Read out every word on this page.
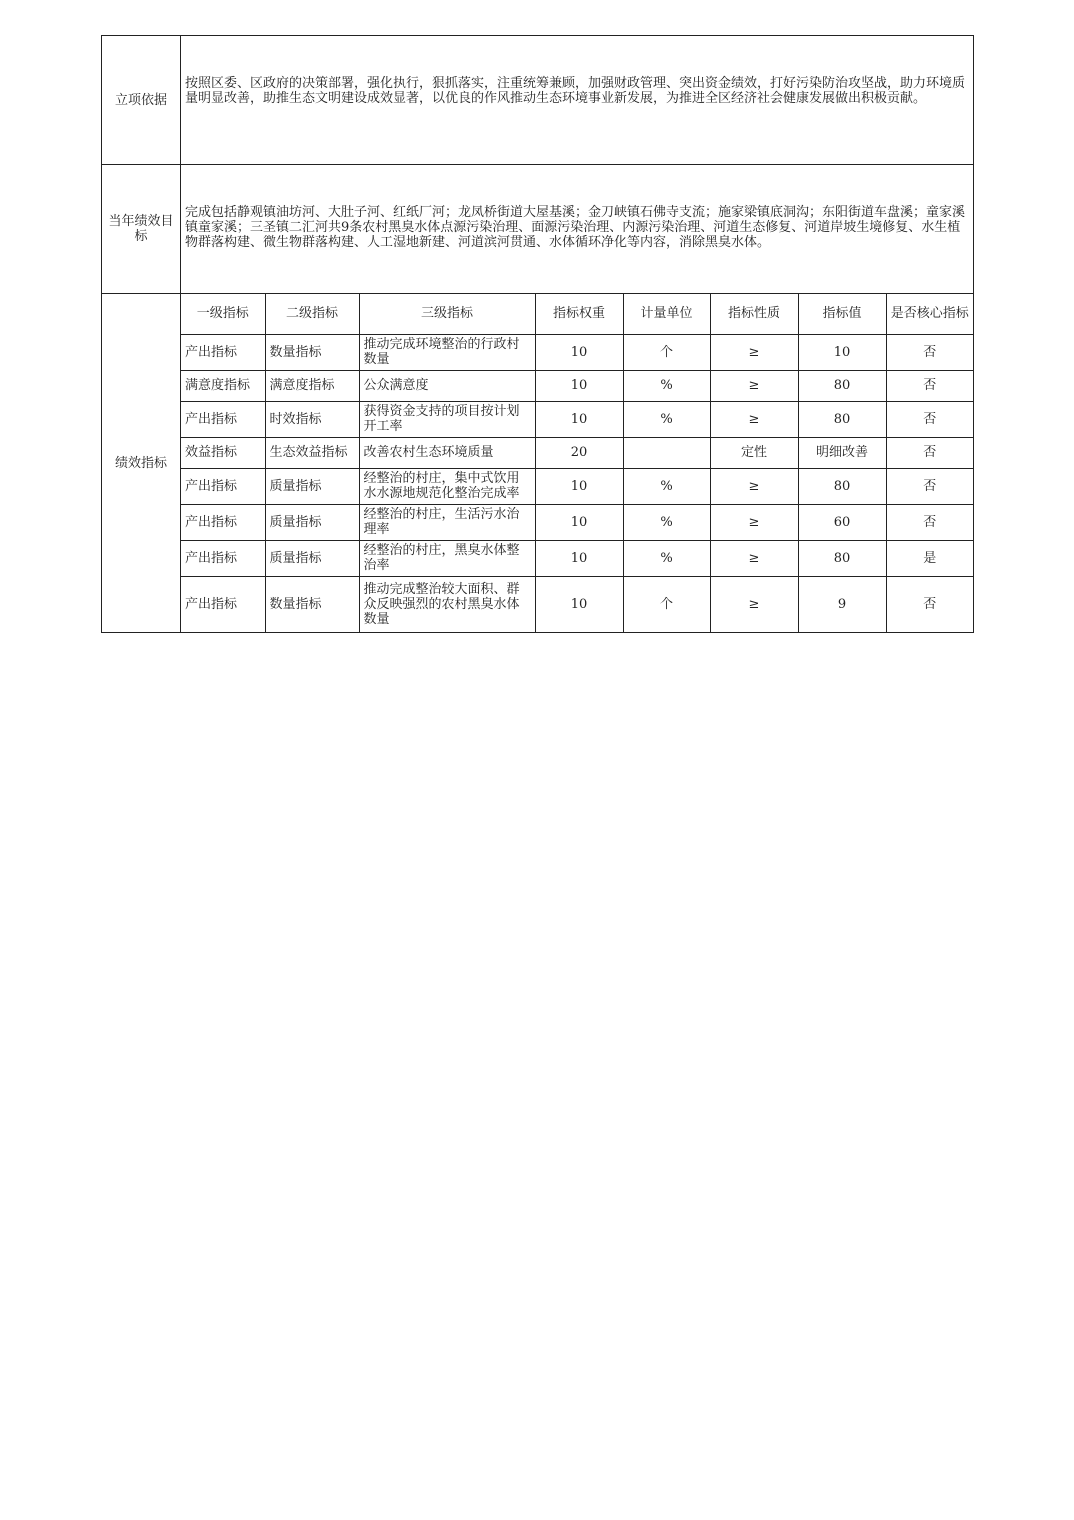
立项依据	按照区委、区政府的决策部署，强化执行，狠抓落实，注重统筹兼顾，加强财政管理、突出资金绩效，打好污染防治攻坚战，助力环境质量明显改善，助推生态文明建设成效显著，以优良的作风推动生态环境事业新发展，为推进全区经济社会健康发展做出积极贡献。
当年绩效目标	完成包括静观镇油坊河、大肚子河、红纸厂河；龙凤桥街道大屋基溪；金刀峡镇石佛寺支流；施家梁镇底洞沟；东阳街道车盘溪；童家溪镇童家溪；三圣镇二汇河共9条农村黑臭水体点源污染治理、面源污染治理、内源污染治理、河道生态修复、河道岸坡生境修复、水生植物群落构建、微生物群落构建、人工湿地新建、河道滨河贯通、水体循环净化等内容，消除黑臭水体。
绩效指标	
一级指标	二级指标	三级指标	指标权重	计量单位	指标性质	指标值	是否核心指标
产出指标	数量指标	推动完成环境整治的行政村数量	10	个	≥	10	否
满意度指标	满意度指标	公众满意度	10	%	≥	80	否
产出指标	时效指标	获得资金支持的项目按计划开工率	10	%	≥	80	否
效益指标	生态效益指标	改善农村生态环境质量	20		定性	明细改善	否
产出指标	质量指标	经整治的村庄，集中式饮用水水源地规范化整治完成率	10	%	≥	80	否
产出指标	质量指标	经整治的村庄，生活污水治理率	10	%	≥	60	否
产出指标	质量指标	经整治的村庄，黑臭水体整治率	10	%	≥	80	是
产出指标	数量指标	推动完成整治较大面积、群众反映强烈的农村黑臭水体数量	10	个	≥	9	否
